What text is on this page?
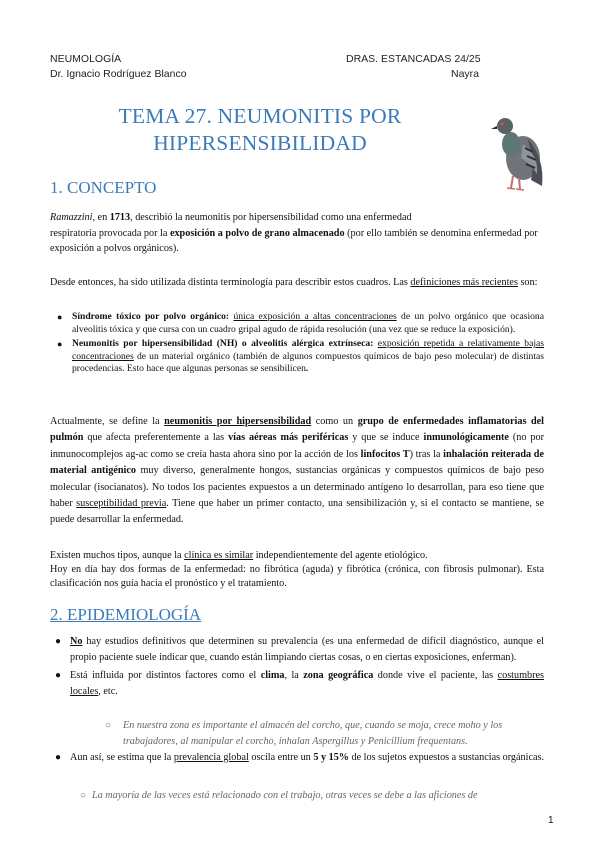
NEUMOLOGÍA
Dr. Ignacio Rodríguez Blanco
DRAS. ESTANCADAS 24/25
Nayra
TEMA 27. NEUMONITIS POR
HIPERSENSIBILIDAD
1. CONCEPTO

Ramazzini, en 1713, describió la neumonitis por hipersensibilidad como una enfermedad
respiratoria provocada por la exposición a polvo de grano almacenado (por ello también se denomina enfermedad por exposición a polvos orgánicos).

Desde entonces, ha sido utilizada distinta terminología para describir estos cuadros. Las definiciones más recientes son:

● Síndrome tóxico por polvo orgánico: única exposición a altas concentraciones de un polvo orgánico que ocasiona alveolitis tóxica y que cursa con un cuadro gripal agudo de rápida resolución (una vez que se reduce la exposición).
● Neumonitis por hipersensibilidad (NH) o alveolitis alérgica extrínseca: exposición repetida a relativamente bajas concentraciones de un material orgánico (también de algunos compuestos químicos de bajo peso molecular) de distintas procedencias. Esto hace que algunas personas se sensibilicen.

Actualmente, se define la neumonitis por hipersensibilidad como un grupo de enfermedades inflamatorias del pulmón que afecta preferentemente a las vías aéreas más periféricas y que se induce inmunológicamente (no por inmunocomplejos ag-ac como se creía hasta ahora sino por la acción de los linfocitos T) tras la inhalación reiterada de material antigénico muy diverso, generalmente hongos, sustancias orgánicas y compuestos químicos de bajo peso molecular (isocianatos). No todos los pacientes expuestos a un determinado antígeno lo desarrollan, para eso tiene que haber susceptibilidad previa. Tiene que haber un primer contacto, una sensibilización y, si el contacto se mantiene, se puede desarrollar la enfermedad.

Existen muchos tipos, aunque la clínica es similar independientemente del agente etiológico.

Hoy en día hay dos formas de la enfermedad: no fibrótica (aguda) y fibrótica (crónica, con fibrosis pulmonar). Esta clasificación nos guía hacia el pronóstico y el tratamiento.

2. EPIDEMIOLOGÍA
● No hay estudios definitivos que determinen su prevalencia (es una enfermedad de difícil diagnóstico, aunque el propio paciente suele indicar que, cuando están limpiando ciertas cosas, o en ciertas exposiciones, enferman).
● Está influida por distintos factores como el clima, la zona geográfica donde vive el paciente, las costumbres locales, etc.

○ En nuestra zona es importante el almacén del corcho, que, cuando se moja, crece moho y los trabajadores, al manipular el corcho, inhalan Aspergillus y Penicillium frequentans.

● Aun así, se estima que la prevalencia global oscila entre un 5 y 15% de los sujetos expuestos a sustancias orgánicas.

○ La mayoría de las veces está relacionado con el trabajo, otras veces se debe a las aficiones de

1
